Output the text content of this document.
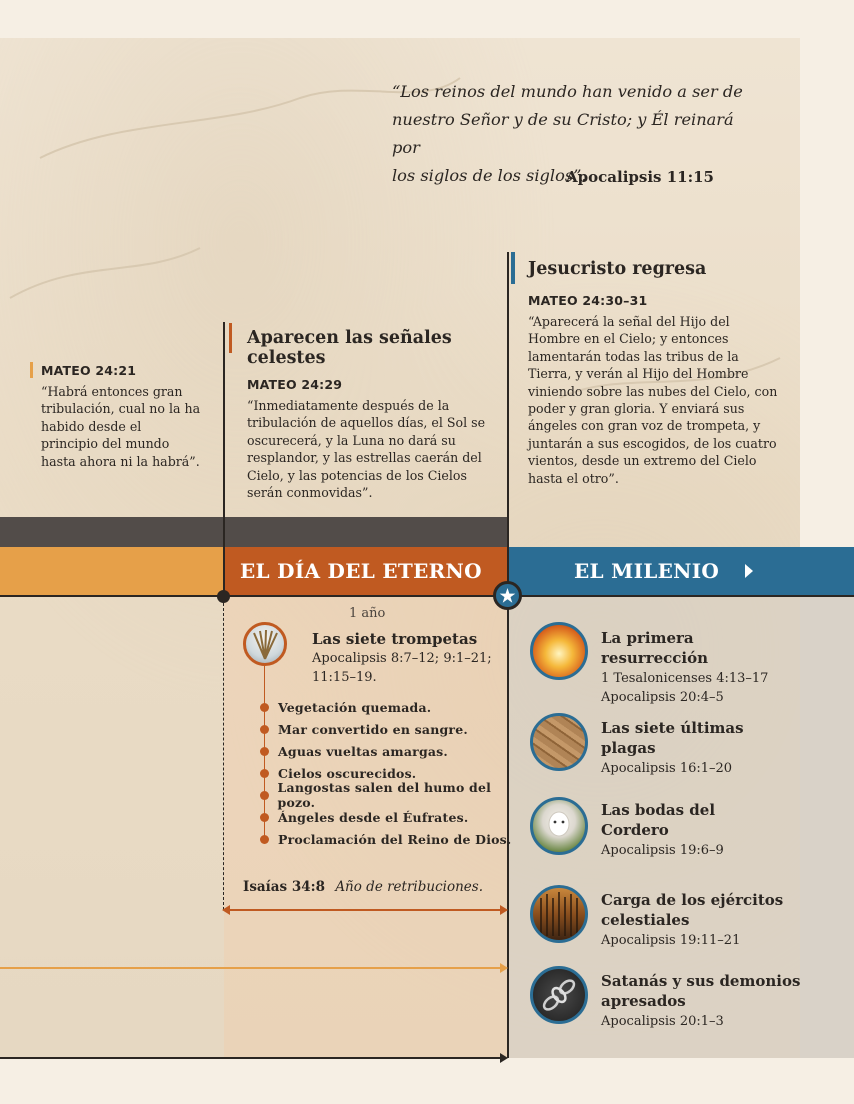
“Los reinos del mundo han venido a ser de
nuestro Señor y de su Cristo; y Él reinará por
los siglos de los siglos”.
Apocalipsis 11:15
MATEO 24:21
“Habrá entonces gran
tribulación, cual no la ha
habido desde el
principio del mundo
hasta ahora ni la habrá”.
Aparecen las señales
celestes
MATEO 24:29
“Inmediatamente después de la
tribulación de aquellos días, el Sol se
oscurecerá, y la Luna no dará su
resplandor, y las estrellas caerán del
Cielo, y las potencias de los Cielos
serán conmovidas”.
Jesucristo regresa
MATEO 24:30–31
“Aparecerá la señal del Hijo del
Hombre en el Cielo; y entonces
lamentarán todas las tribus de la
Tierra, y verán al Hijo del Hombre
viniendo sobre las nubes del Cielo, con
poder y gran gloria. Y enviará sus
ángeles con gran voz de trompeta, y
juntarán a sus escogidos, de los cuatro
vientos, desde un extremo del Cielo
hasta el otro”.
EL DÍA DEL ETERNO	EL MILENIO
1 año
Las siete trompetas
Apocalipsis 8:7–12; 9:1–21;
11:15–19.
Vegetación quemada.
Mar convertido en sangre.
Aguas vueltas amargas.
Cielos oscurecidos.
Langostas salen del humo del pozo.
Ángeles desde el Éufrates.
Proclamación del Reino de Dios.
Isaías 34:8 Año de retribuciones.
La primera
resurrección
1 Tesalonicenses 4:13–17
Apocalipsis 20:4–5
Las siete últimas
plagas
Apocalipsis 16:1–20
Las bodas del
Cordero
Apocalipsis 19:6–9
Carga de los ejércitos
celestiales
Apocalipsis 19:11–21
Satanás y sus demonios
apresados
Apocalipsis 20:1–3
